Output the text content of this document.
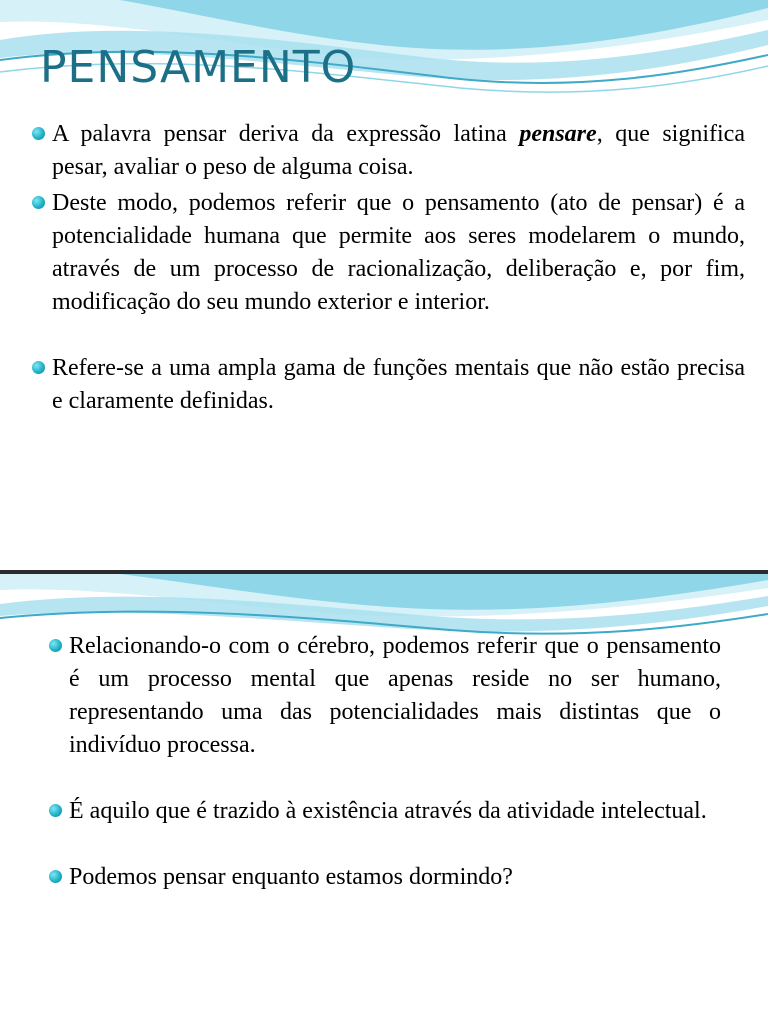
PENSAMENTO
A palavra pensar deriva da expressão latina pensare, que significa pesar, avaliar o peso de alguma coisa.
Deste modo, podemos referir que o pensamento (ato de pensar) é a potencialidade humana que permite aos seres modelarem o mundo, através de um processo de racionalização, deliberação e, por fim, modificação do seu mundo exterior e interior.
Refere-se a uma ampla gama de funções mentais que não estão precisa e claramente definidas.
Relacionando-o com o cérebro, podemos referir que o pensamento é um processo mental que apenas reside no ser humano, representando uma das potencialidades mais distintas que o indivíduo processa.
É aquilo que é trazido à existência através da atividade intelectual.
Podemos pensar enquanto estamos dormindo?
